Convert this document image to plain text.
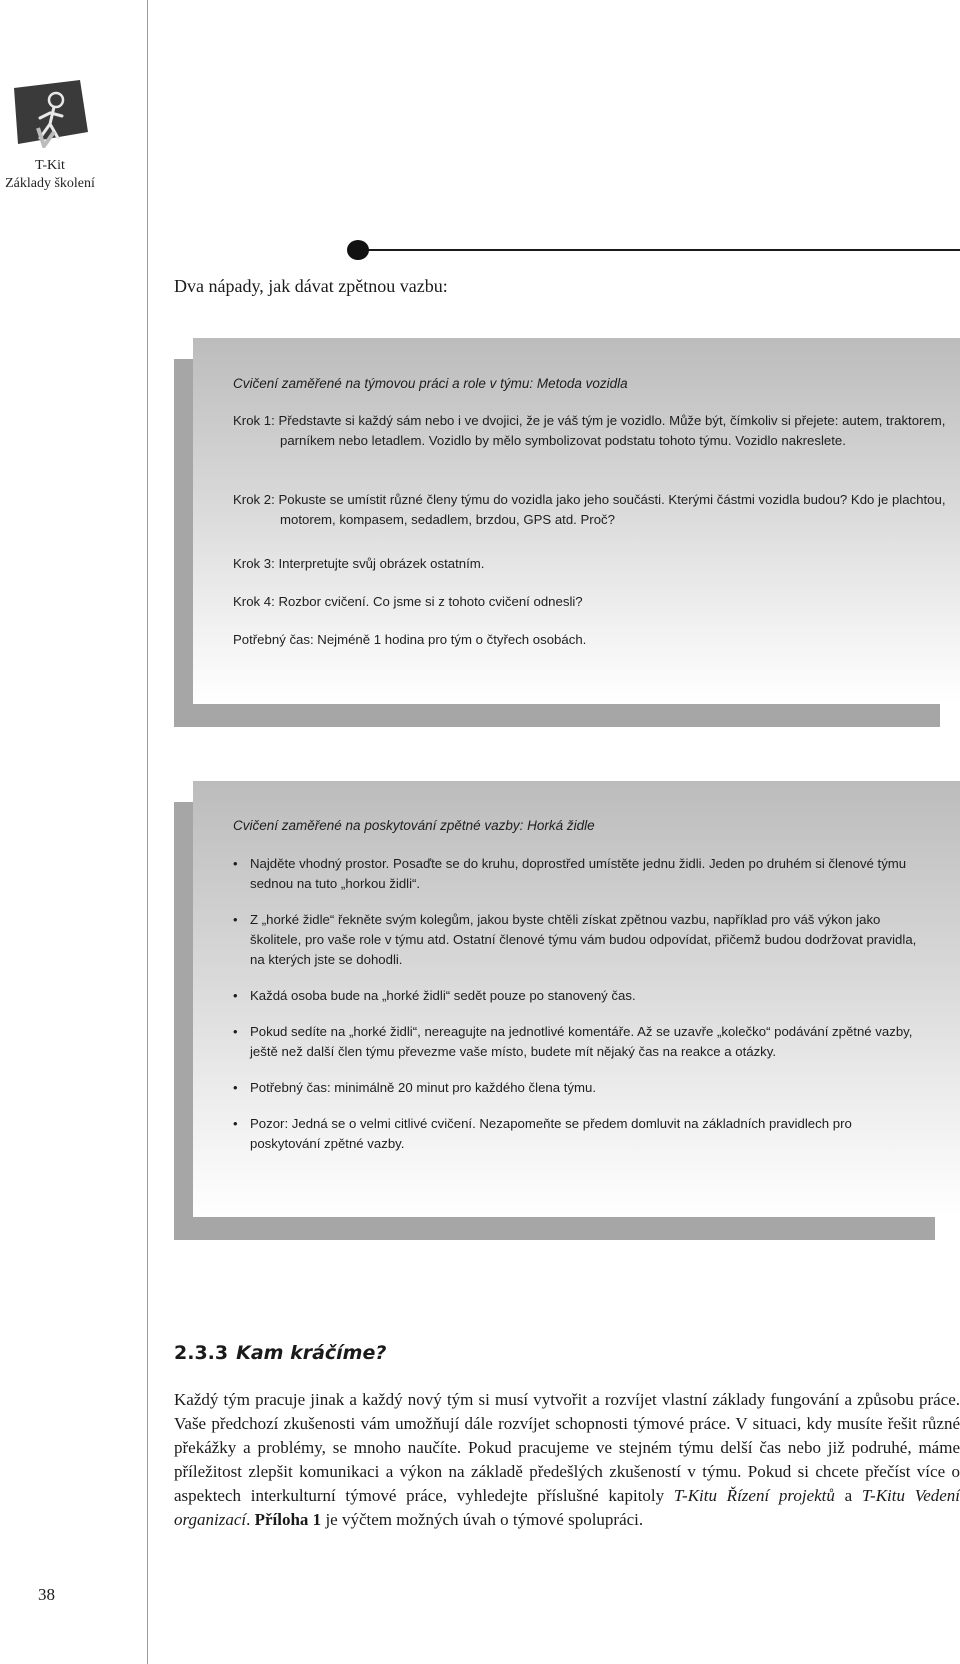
T-Kit
Základy školení
Dva nápady, jak dávat zpětnou vazbu:
Cvičení zaměřené na týmovou práci a role v týmu: Metoda vozidla

Krok 1: Představte si každý sám nebo i ve dvojici, že je váš tým je vozidlo. Může být, čímkoliv si přejete: autem, traktorem, parníkem nebo letadlem. Vozidlo by mělo symbolizovat podstatu tohoto týmu. Vozidlo nakreslete.

Krok 2: Pokuste se umístit různé členy týmu do vozidla jako jeho součásti. Kterými částmi vozidla budou? Kdo je plachtou, motorem, kompasem, sedadlem, brzdou, GPS atd. Proč?

Krok 3: Interpretujte svůj obrázek ostatním.

Krok 4: Rozbor cvičení. Co jsme si z tohoto cvičení odnesli?

Potřebný čas: Nejméně 1 hodina pro tým o čtyřech osobách.

Cvičení zaměřené na poskytování zpětné vazby: Horká židle
• Najděte vhodný prostor. Posaďte se do kruhu, doprostřed umístěte jednu židli. Jeden po druhém si členové týmu sednou na tuto „horkou židli“.
• Z „horké židle“ řekněte svým kolegům, jakou byste chtěli získat zpětnou vazbu, například pro váš výkon jako školitele, pro vaše role v týmu atd. Ostatní členové týmu vám budou odpovídat, přičemž budou dodržovat pravidla, na kterých jste se dohodli.
• Každá osoba bude na „horké židli“ sedět pouze po stanovený čas.
• Pokud sedíte na „horké židli“, nereagujte na jednotlivé komentáře. Až se uzavře „kolečko“ podávání zpětné vazby, ještě než další člen týmu převezme vaše místo, budete mít nějaký čas na reakce a otázky.
• Potřebný čas: minimálně 20 minut pro každého člena týmu.
• Pozor: Jedná se o velmi citlivé cvičení. Nezapomeňte se předem domluvit na základních pravidlech pro poskytování zpětné vazby.
2.3.3 Kam kráčíme?

Každý tým pracuje jinak a každý nový tým si musí vytvořit a rozvíjet vlastní základy fungování a způsobu práce. Vaše předchozí zkušenosti vám umožňují dále rozvíjet schopnosti týmové práce. V situaci, kdy musíte řešit různé překážky a problémy, se mnoho naučíte. Pokud pracujeme ve stejném týmu delší čas nebo již podruhé, máme příležitost zlepšit komunikaci a výkon na základě předešlých zkušeností v týmu. Pokud si chcete přečíst více o aspektech interkulturní týmové práce, vyhledejte příslušné kapitoly T-Kitu Řízení projektů a T-Kitu Vedení organizací. Příloha 1 je výčtem možných úvah o týmové spolupráci.

38
